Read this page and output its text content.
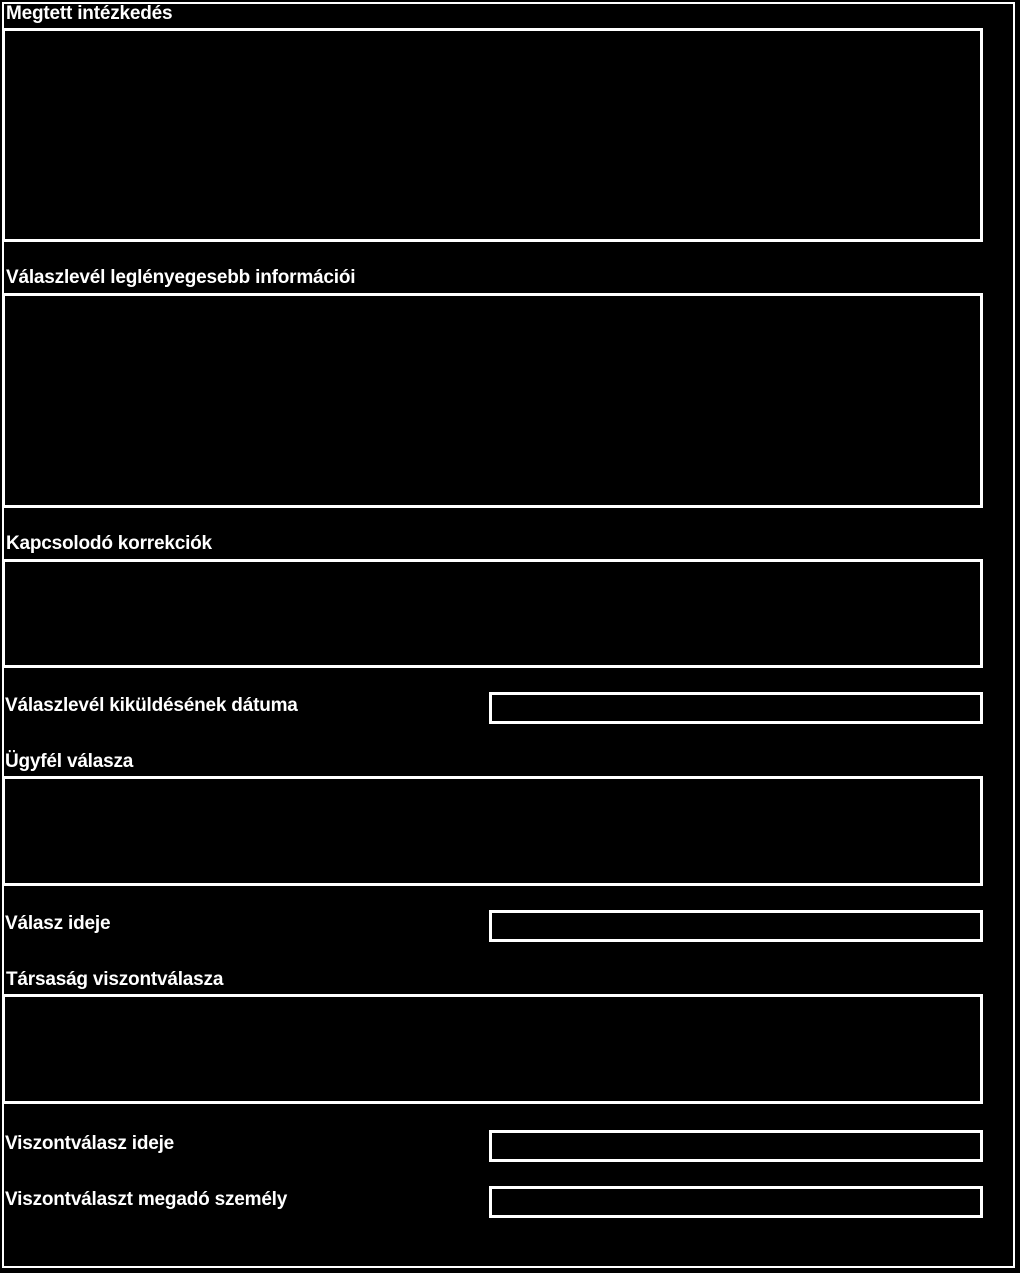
Megtett intézkedés
Válaszlevél leglényegesebb információi
Kapcsolodó korrekciók
Válaszlevél kiküldésének dátuma
Ügyfél válasza
Válasz ideje
Társaság viszontválasza
Viszontválasz ideje
Viszontválaszt megadó személy
